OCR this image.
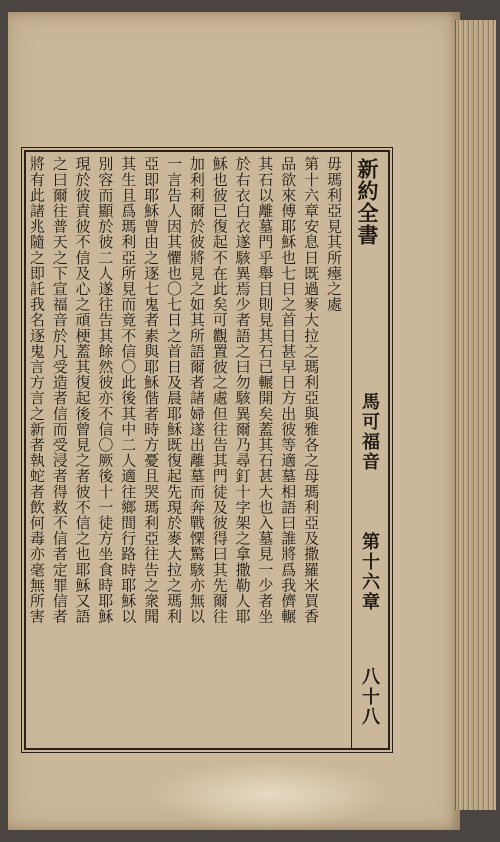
新約全書
馬可福音
第十六章
八十八
毋瑪利亞見其所瘞之處
第十六章安息日既過麥大拉之瑪利亞與雅各之母瑪利亞及撒羅米買香
品欲來傅耶穌也七日之首日甚早日方出彼等適墓相語曰誰將爲我儕輾
其石以離墓門乎舉目則見其石已輾開矣蓋其石甚大也入墓見一少者坐
於右衣白衣遂駭異焉少者語之曰勿駭異爾乃尋釘十字架之拿撒勒人耶
穌也彼已復起不在此矣可觀置彼之處但往告其門徒及彼得曰其先爾往
加利利爾於彼將見之如其所語爾者諸婦遂出離墓而奔戰慄驚駭亦無以
一言告人因其懼也〇七日之首日及晨耶穌既復起先現於麥大拉之瑪利
亞即耶穌曾由之逐七鬼者素與耶穌偕者時方憂且哭瑪利亞往告之衆聞
其生且爲瑪利亞所見而竟不信〇此後其中二人適往鄉間行路時耶穌以
別容而顯於彼二人遂往告其餘然彼亦不信〇厥後十一徒方坐食時耶穌
現於彼責彼不信及心之頑梗蓋其復起後曾見之者彼不信之也耶穌又語
之曰爾往普天之下宣福音於凡受造者信而受浸者得救不信者定罪信者
將有此諸兆隨之即託我名逐鬼言方言之新者執蛇者飲何毒亦毫無所害
